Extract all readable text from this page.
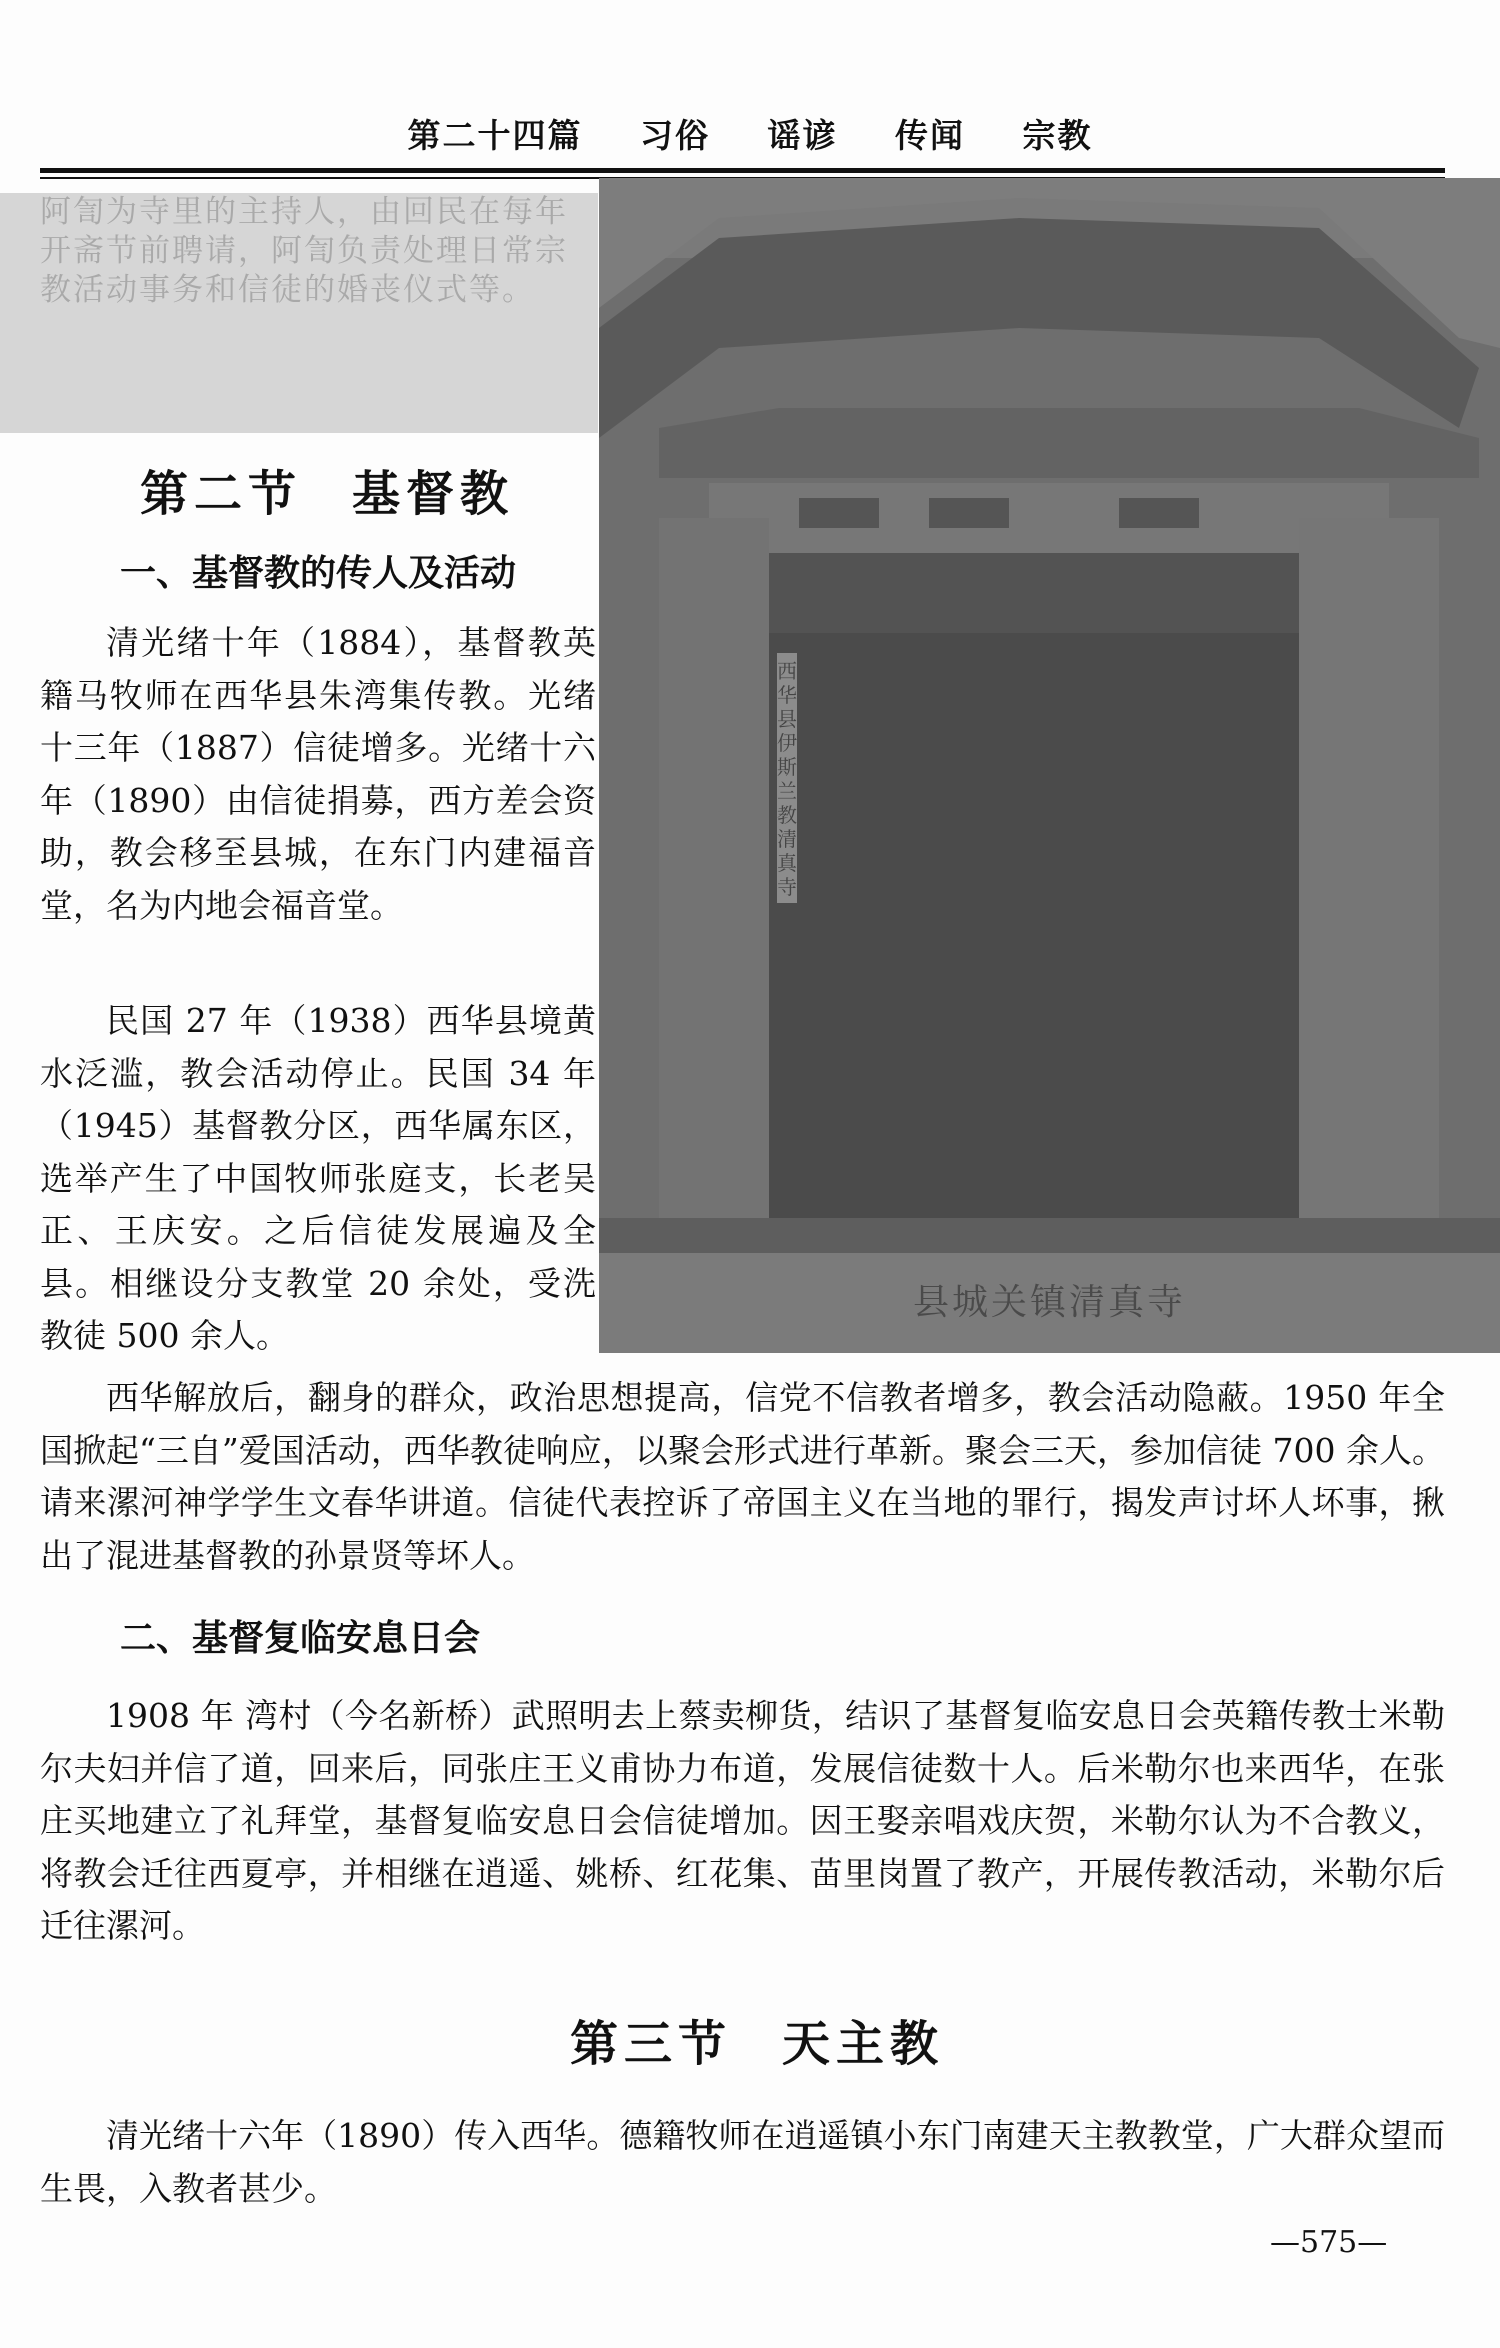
第二十四篇 习俗 谣谚 传闻 宗教

阿訇为寺里的主持人，由回民在每年开斋节前聘请，阿訇负责处理日常宗教活动事务和信徒的婚丧仪式等。

西华县伊斯兰教清真寺
县城关镇清真寺
第二节 基督教
一、基督教的传人及活动

清光绪十年（1884），基督教英籍马牧师在西华县朱湾集传教。光绪十三年（1887）信徒增多。光绪十六年（1890）由信徒捐募，西方差会资助，教会移至县城，在东门内建福音堂，名为内地会福音堂。

民国 27 年（1938）西华县境黄水泛滥，教会活动停止。民国 34 年（1945）基督教分区，西华属东区，选举产生了中国牧师张庭支，长老吴正、王庆安。之后信徒发展遍及全县。相继设分支教堂 20 余处，受洗教徒 500 余人。

西华解放后，翻身的群众，政治思想提高，信党不信教者增多，教会活动隐蔽。1950 年全国掀起“三自”爱国活动，西华教徒响应，以聚会形式进行革新。聚会三天，参加信徒 700 余人。请来漯河神学学生文春华讲道。信徒代表控诉了帝国主义在当地的罪行，揭发声讨坏人坏事，揪出了混进基督教的孙景贤等坏人。

二、基督复临安息日会

1908 年 湾村（今名新桥）武照明去上蔡卖柳货，结识了基督复临安息日会英籍传教士米勒尔夫妇并信了道，回来后，同张庄王义甫协力布道，发展信徒数十人。后米勒尔也来西华，在张庄买地建立了礼拜堂，基督复临安息日会信徒增加。因王娶亲唱戏庆贺，米勒尔认为不合教义，将教会迁往西夏亭，并相继在逍遥、姚桥、红花集、苗里岗置了教产，开展传教活动，米勒尔后迁往漯河。

第三节 天主教

清光绪十六年（1890）传入西华。德籍牧师在逍遥镇小东门南建天主教教堂，广大群众望而生畏，入教者甚少。

—575—
